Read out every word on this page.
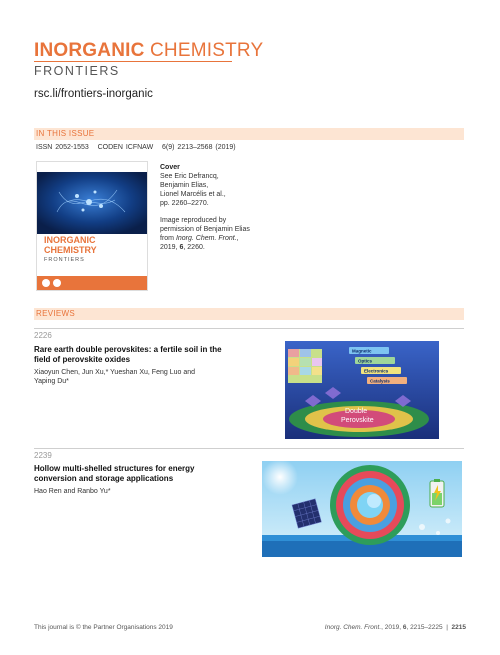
INORGANIC CHEMISTRY
FRONTIERS
rsc.li/frontiers-inorganic
IN THIS ISSUE
ISSN 2052-1553 CODEN ICFNAW 6(9) 2213–2568 (2019)
INORGANIC
CHEMISTRY
FRONTIERS

Cover

See Eric Defrancq,

Benjamin Elias,

Lionel Marcélis et al.,

pp. 2260–2270.

Image reproduced by

permission of Benjamin Elias

from Inorg. Chem. Front.,

2019, 6, 2260.

REVIEWS
2226
Rare earth double perovskites: a fertile soil in the
field of perovskite oxides
Xiaoyun Chen, Jun Xu,* Yueshan Xu, Feng Luo and
Yaping Du*
Magnetic
Optics
Electronics
Catalysis
Double
Perovskite
2239
Hollow multi-shelled structures for energy
conversion and storage applications
Hao Ren and Ranbo Yu*
This journal is © the Partner Organisations 2019	Inorg. Chem. Front., 2019, 6, 2215–2225  |  2215
